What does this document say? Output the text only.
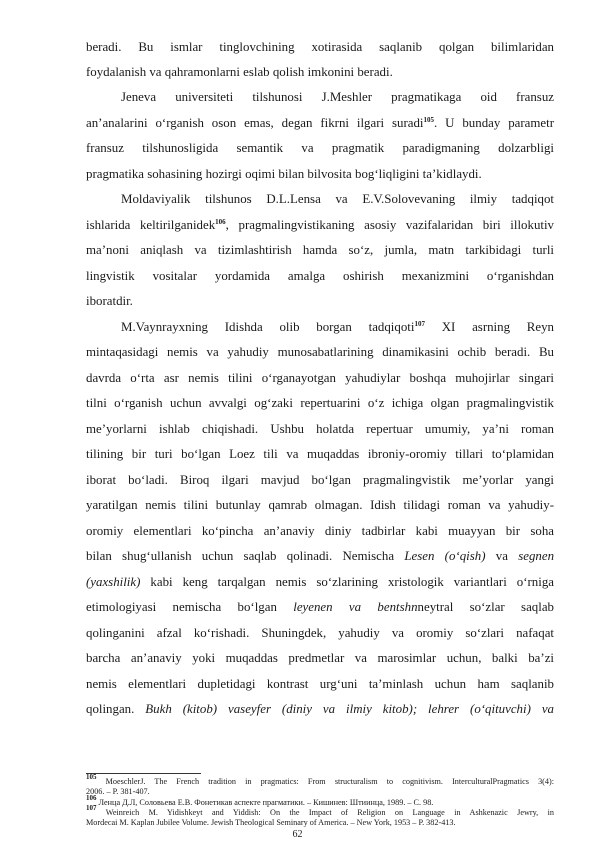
beradi. Bu ismlar tinglovchining xotirasida saqlanib qolgan bilimlaridan
foydalanish va qahramonlarni eslab qolish imkonini beradi.
Jeneva universiteti tilshunosi J.Meshler pragmatikaga oid fransuz
an’analarini o‘rganish oson emas, degan fikrni ilgari suradi$^{105}$. U bunday parametr
fransuz tilshunosligida semantik va pragmatik paradigmaning dolzarbligi
pragmatika sohasining hozirgi oqimi bilan bilvosita bog‘liqligini ta’kidlaydi.
Moldaviyalik tilshunos D.L.Lensa va E.V.Solovevaning ilmiy tadqiqot
ishlarida keltirilganidek$^{106}$, pragmalingvistikaning asosiy vazifalaridan biri illokutiv
ma’noni aniqlash va tizimlashtirish hamda so‘z, jumla, matn tarkibidagi turli
lingvistik vositalar yordamida amalga oshirish mexanizmini o‘rganishdan
iboratdir.
M.Vaynrayxning Idishda olib borgan tadqiqoti$^{107}$ XI asrning Reyn
mintaqasidagi nemis va yahudiy munosabatlarining dinamikasini ochib beradi. Bu
davrda o‘rta asr nemis tilini o‘rganayotgan yahudiylar boshqa muhojirlar singari
tilni o‘rganish uchun avvalgi og‘zaki repertuarini o‘z ichiga olgan pragmalingvistik
me’yorlarni ishlab chiqishadi. Ushbu holatda repertuar umumiy, ya’ni roman
tilining bir turi bo‘lgan Loez tili va muqaddas ibroniy-oromiy tillari to‘plamidan
iborat bo‘ladi. Biroq ilgari mavjud bo‘lgan pragmalingvistik me’yorlar yangi
yaratilgan nemis tilini butunlay qamrab olmagan. Idish tilidagi roman va yahudiy-
oromiy elementlari ko‘pincha an’anaviy diniy tadbirlar kabi muayyan bir soha
bilan shug‘ullanish uchun saqlab qolinadi. Nemischa Lesen (o‘qish) va segnen
(yaxshilik) kabi keng tarqalgan nemis so‘zlarining xristologik variantlari o‘rniga
etimologiyasi nemischa bo‘lgan leyenen va bentshnneytral so‘zlar saqlab
qolinganini afzal ko‘rishadi. Shuningdek, yahudiy va oromiy so‘zlari nafaqat
barcha an’anaviy yoki muqaddas predmetlar va marosimlar uchun, balki ba’zi
nemis elementlari dupletidagi kontrast urg‘uni ta’minlash uchun ham saqlanib
qolingan. Bukh (kitob) vaseyfer (diniy va ilmiy kitob); lehrer (o‘qituvchi) va
$^{105}$ MoeschlerJ. The French tradition in pragmatics: From structuralism to cognitivism. InterculturalPragmatics 3(4):
2006. – P. 381-407.
$^{106}$ Ленца Д.Л, Соловьева Е.В. Фонетикав аспекте прагматики. – Кишинев: Штиинца, 1989. – C. 98.
$^{107}$ Weinreich M. Yidishkeyt and Yiddish: On the Impact of Religion on Language in Ashkenazic Jewry, in
Mordecai M. Kaplan Jubilee Volume. Jewish Theological Seminary of America. – New York, 1953 – P. 382-413.
62
